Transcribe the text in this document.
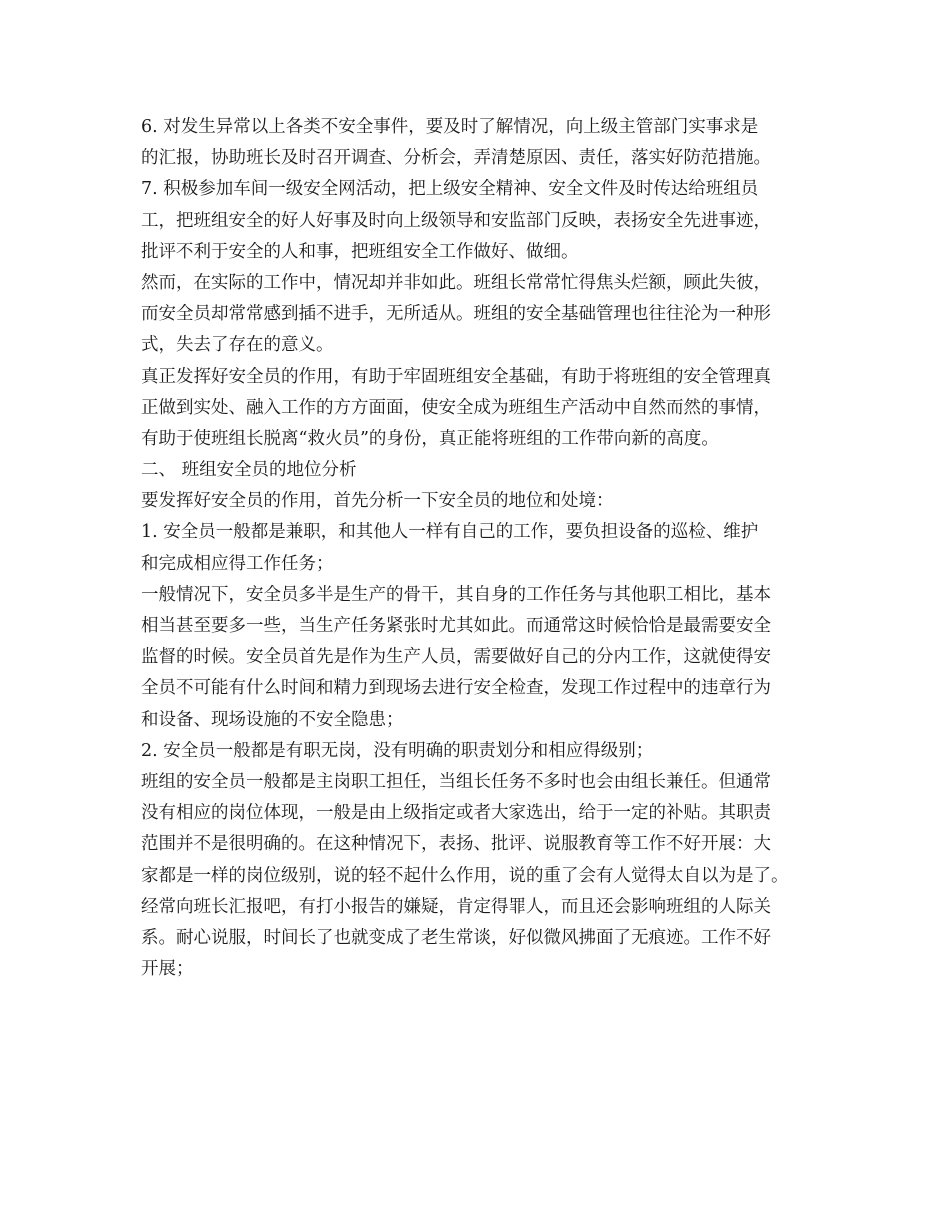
6. 对发生异常以上各类不安全事件，要及时了解情况，向上级主管部门实事求是
的汇报，协助班长及时召开调查、分析会，弄清楚原因、责任，落实好防范措施。
7. 积极参加车间一级安全网活动，把上级安全精神、安全文件及时传达给班组员
工，把班组安全的好人好事及时向上级领导和安监部门反映，表扬安全先进事迹，
批评不利于安全的人和事，把班组安全工作做好、做细。
然而，在实际的工作中，情况却并非如此。班组长常常忙得焦头烂额，顾此失彼，
而安全员却常常感到插不进手，无所适从。班组的安全基础管理也往往沦为一种形
式，失去了存在的意义。
真正发挥好安全员的作用，有助于牢固班组安全基础，有助于将班组的安全管理真
正做到实处、融入工作的方方面面，使安全成为班组生产活动中自然而然的事情，
有助于使班组长脱离“救火员”的身份，真正能将班组的工作带向新的高度。
二、 班组安全员的地位分析
要发挥好安全员的作用，首先分析一下安全员的地位和处境：
1. 安全员一般都是兼职，和其他人一样有自己的工作，要负担设备的巡检、维护
和完成相应得工作任务；
一般情况下，安全员多半是生产的骨干，其自身的工作任务与其他职工相比，基本
相当甚至要多一些，当生产任务紧张时尤其如此。而通常这时候恰恰是最需要安全
监督的时候。安全员首先是作为生产人员，需要做好自己的分内工作，这就使得安
全员不可能有什么时间和精力到现场去进行安全检查，发现工作过程中的违章行为
和设备、现场设施的不安全隐患；
2. 安全员一般都是有职无岗，没有明确的职责划分和相应得级别；
班组的安全员一般都是主岗职工担任，当组长任务不多时也会由组长兼任。但通常
没有相应的岗位体现，一般是由上级指定或者大家选出，给于一定的补贴。其职责
范围并不是很明确的。在这种情况下，表扬、批评、说服教育等工作不好开展：大
家都是一样的岗位级别，说的轻不起什么作用，说的重了会有人觉得太自以为是了。
经常向班长汇报吧，有打小报告的嫌疑，肯定得罪人，而且还会影响班组的人际关
系。耐心说服，时间长了也就变成了老生常谈，好似微风拂面了无痕迹。工作不好
开展；
